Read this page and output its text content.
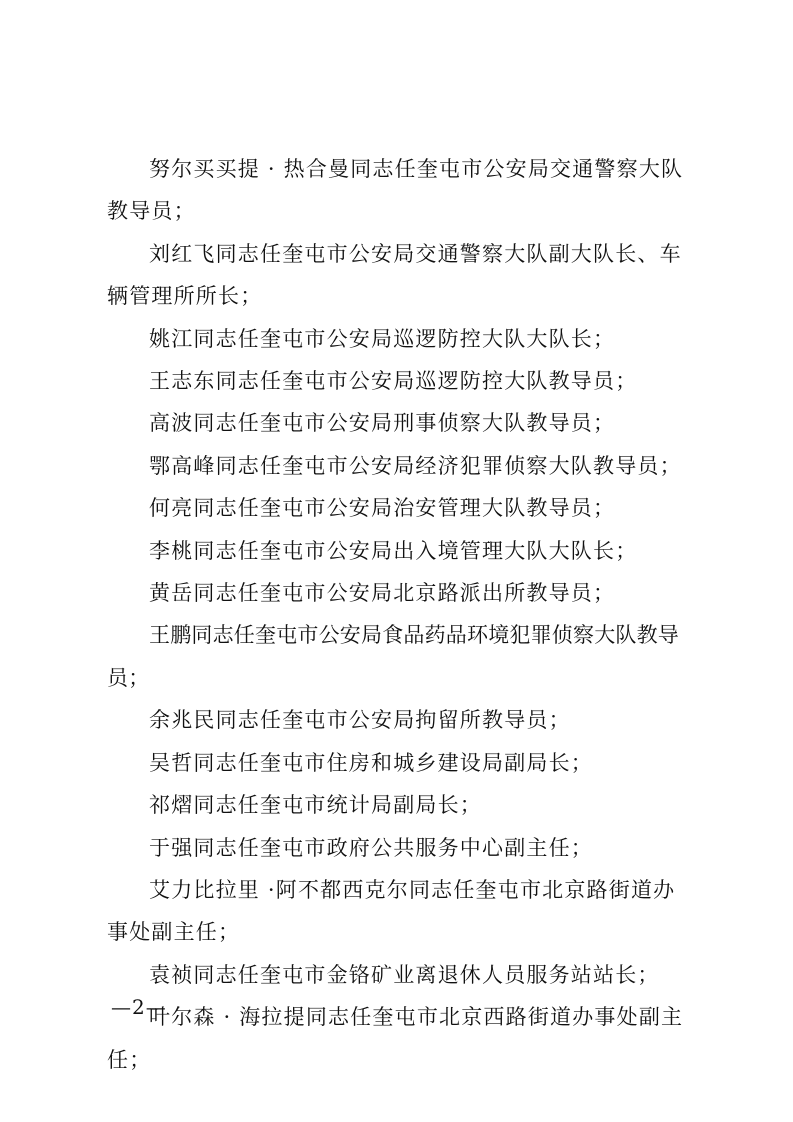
努尔买买提 · 热合曼同志任奎屯市公安局交通警察大队教导员；

刘红飞同志任奎屯市公安局交通警察大队副大队长、车辆管理所所长；

姚江同志任奎屯市公安局巡逻防控大队大队长；

王志东同志任奎屯市公安局巡逻防控大队教导员；

高波同志任奎屯市公安局刑事侦察大队教导员；

鄂高峰同志任奎屯市公安局经济犯罪侦察大队教导员；

何亮同志任奎屯市公安局治安管理大队教导员；

李桃同志任奎屯市公安局出入境管理大队大队长；

黄岳同志任奎屯市公安局北京路派出所教导员；

王鹏同志任奎屯市公安局食品药品环境犯罪侦察大队教导员；

余兆民同志任奎屯市公安局拘留所教导员；

吴哲同志任奎屯市住房和城乡建设局副局长；

祁熠同志任奎屯市统计局副局长；

于强同志任奎屯市政府公共服务中心副主任；

艾力比拉里 ·阿不都西克尔同志任奎屯市北京路街道办事处副主任；

袁祯同志任奎屯市金铬矿业离退休人员服务站站长；

叶尔森 · 海拉提同志任奎屯市北京西路街道办事处副主任；

—2—
